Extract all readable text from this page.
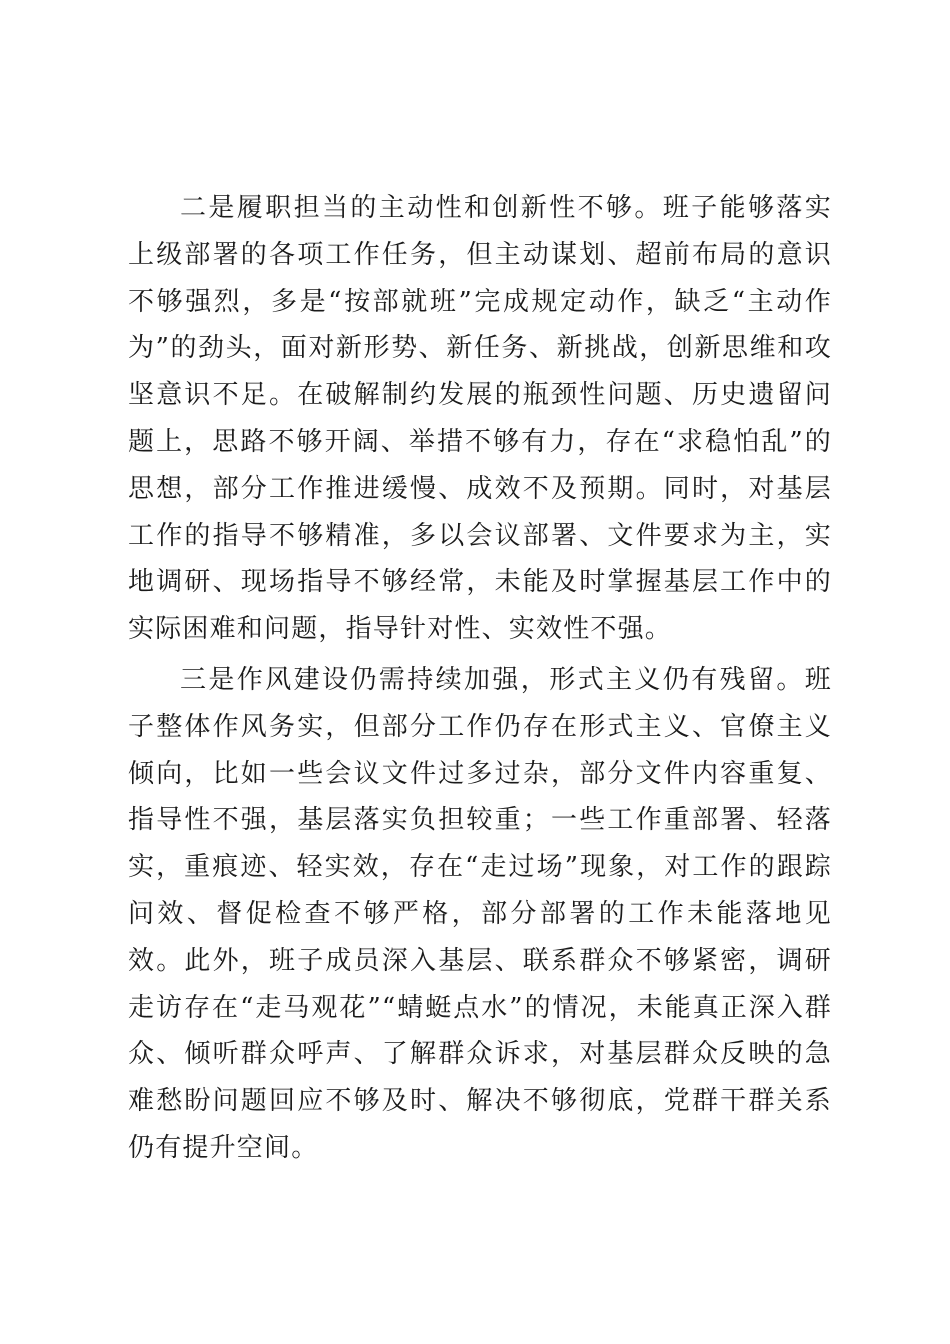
二是履职担当的主动性和创新性不够。班子能够落实上级部署的各项工作任务，但主动谋划、超前布局的意识不够强烈，多是“按部就班”完成规定动作，缺乏“主动作为”的劲头，面对新形势、新任务、新挑战，创新思维和攻坚意识不足。在破解制约发展的瓶颈性问题、历史遗留问题上，思路不够开阔、举措不够有力，存在“求稳怕乱”的思想，部分工作推进缓慢、成效不及预期。同时，对基层工作的指导不够精准，多以会议部署、文件要求为主，实地调研、现场指导不够经常，未能及时掌握基层工作中的实际困难和问题，指导针对性、实效性不强。

三是作风建设仍需持续加强，形式主义仍有残留。班子整体作风务实，但部分工作仍存在形式主义、官僚主义倾向，比如一些会议文件过多过杂，部分文件内容重复、指导性不强，基层落实负担较重；一些工作重部署、轻落实，重痕迹、轻实效，存在“走过场”现象，对工作的跟踪问效、督促检查不够严格，部分部署的工作未能落地见效。此外，班子成员深入基层、联系群众不够紧密，调研走访存在“走马观花”“蜻蜓点水”的情况，未能真正深入群众、倾听群众呼声、了解群众诉求，对基层群众反映的急难愁盼问题回应不够及时、解决不够彻底，党群干群关系仍有提升空间。
